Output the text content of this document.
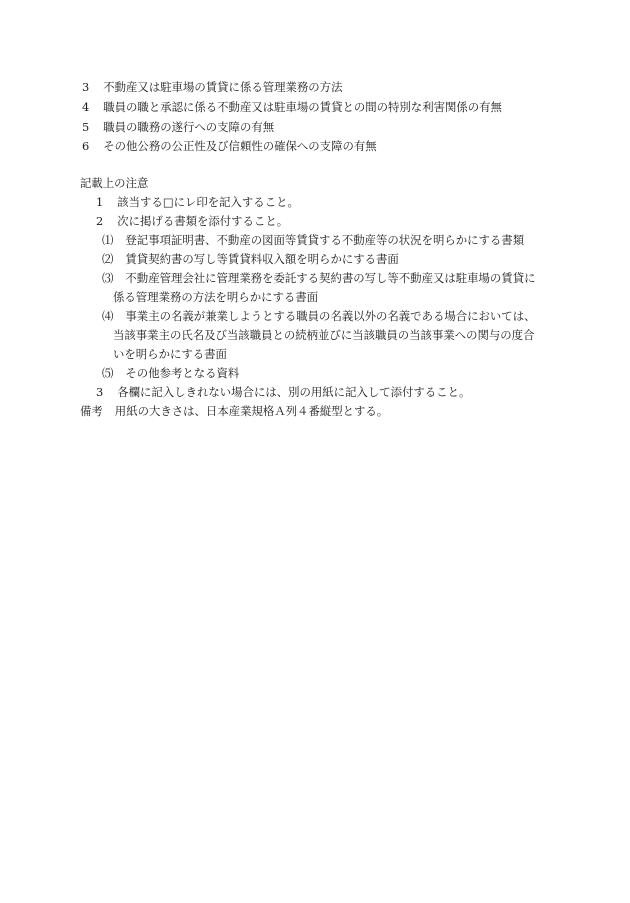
3 不動産又は駐車場の賃貸に係る管理業務の方法
4 職員の職と承認に係る不動産又は駐車場の賃貸との間の特別な利害関係の有無
5 職員の職務の遂行への支障の有無
6 その他公務の公正性及び信頼性の確保への支障の有無
記載上の注意
1 該当する□にレ印を記入すること。
2 次に掲げる書類を添付すること。
⑴ 登記事項証明書、不動産の図面等賃貸する不動産等の状況を明らかにする書類
⑵ 賃貸契約書の写し等賃貸料収入額を明らかにする書面
⑶ 不動産管理会社に管理業務を委託する契約書の写し等不動産又は駐車場の賃貸に
係る管理業務の方法を明らかにする書面
⑷ 事業主の名義が兼業しようとする職員の名義以外の名義である場合においては、
当該事業主の氏名及び当該職員との続柄並びに当該職員の当該事業への関与の度合
いを明らかにする書面
⑸ その他参考となる資料
3 各欄に記入しきれない場合には、別の用紙に記入して添付すること。
備考 用紙の大きさは、日本産業規格Ａ列４番縦型とする。
